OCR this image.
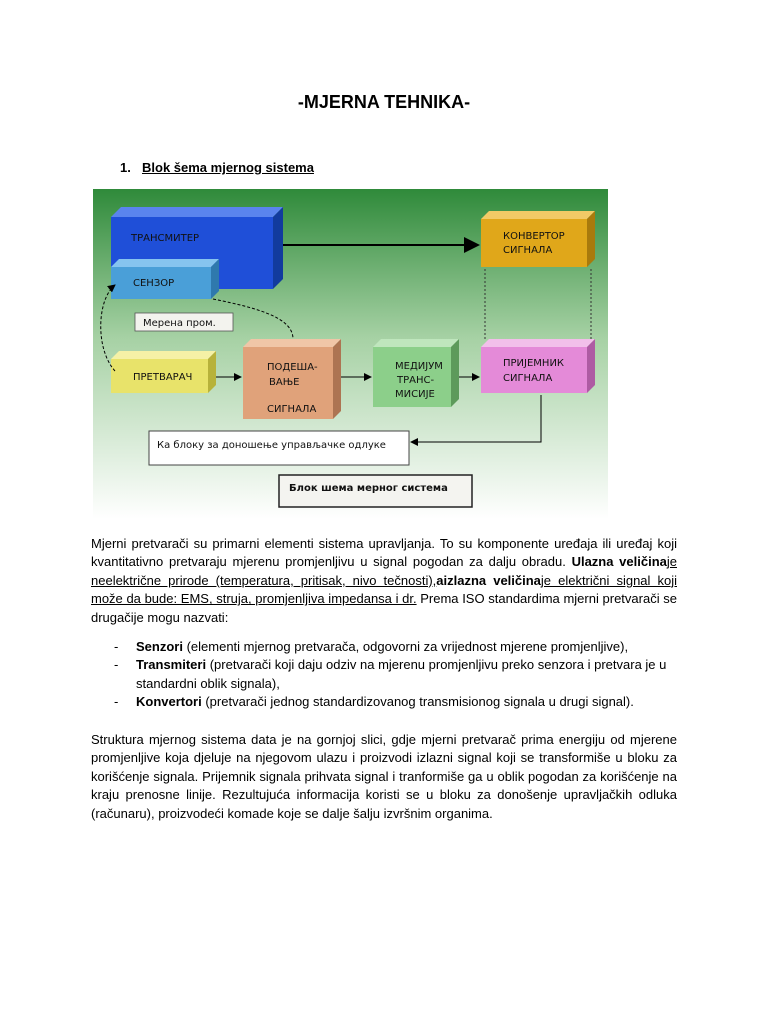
-MJERNA TEHNIKA-
1. Blok šema mjernog sistema
ТРАНСМИТЕР
СЕНЗОР
Мерена пром.
КОНВЕРТОР
СИГНАЛА
ПРЕТВАРАЧ
ПОДЕША-
ВАЊЕ
СИГНАЛА
МЕДИЈУМ
ТРАНС-
МИСИЈЕ
ПРИЈЕМНИК
СИГНАЛА
Ка блоку за доношење управљачке одлуке
Блок шема мерног система
Mjerni pretvarači su primarni elementi sistema upravljanja. To su komponente uređaja ili uređaj koji kvantitativno pretvaraju mjerenu promjenljivu u signal pogodan za dalju obradu. Ulazna veličinaje neelektrične prirode (temperatura, pritisak, nivo tečnosti),aizlazna veličinaje električni signal koji može da bude: EMS, struja, promjenljiva impedansa i dr. Prema ISO standardima mjerni pretvarači se drugačije mogu nazvati:
- Senzori (elementi mjernog pretvarača, odgovorni za vrijednost mjerene promjenljive),
- Transmiteri (pretvarači koji daju odziv na mjerenu promjenljivu preko senzora i pretvara je u standardni oblik signala),
- Konvertori (pretvarači jednog standardizovanog transmisionog signala u drugi signal).
Struktura mjernog sistema data je na gornjoj slici, gdje mjerni pretvarač prima energiju od mjerene promjenljive koja djeluje na njegovom ulazu i proizvodi izlazni signal koji se transformiše u bloku za korišćenje signala. Prijemnik signala prihvata signal i tranformiše ga u oblik pogodan za korišćenje na kraju prenosne linije. Rezultujuća informacija koristi se u bloku za donošenje upravljačkih odluka (računaru), proizvodeći komade koje se dalje šalju izvršnim organima.
